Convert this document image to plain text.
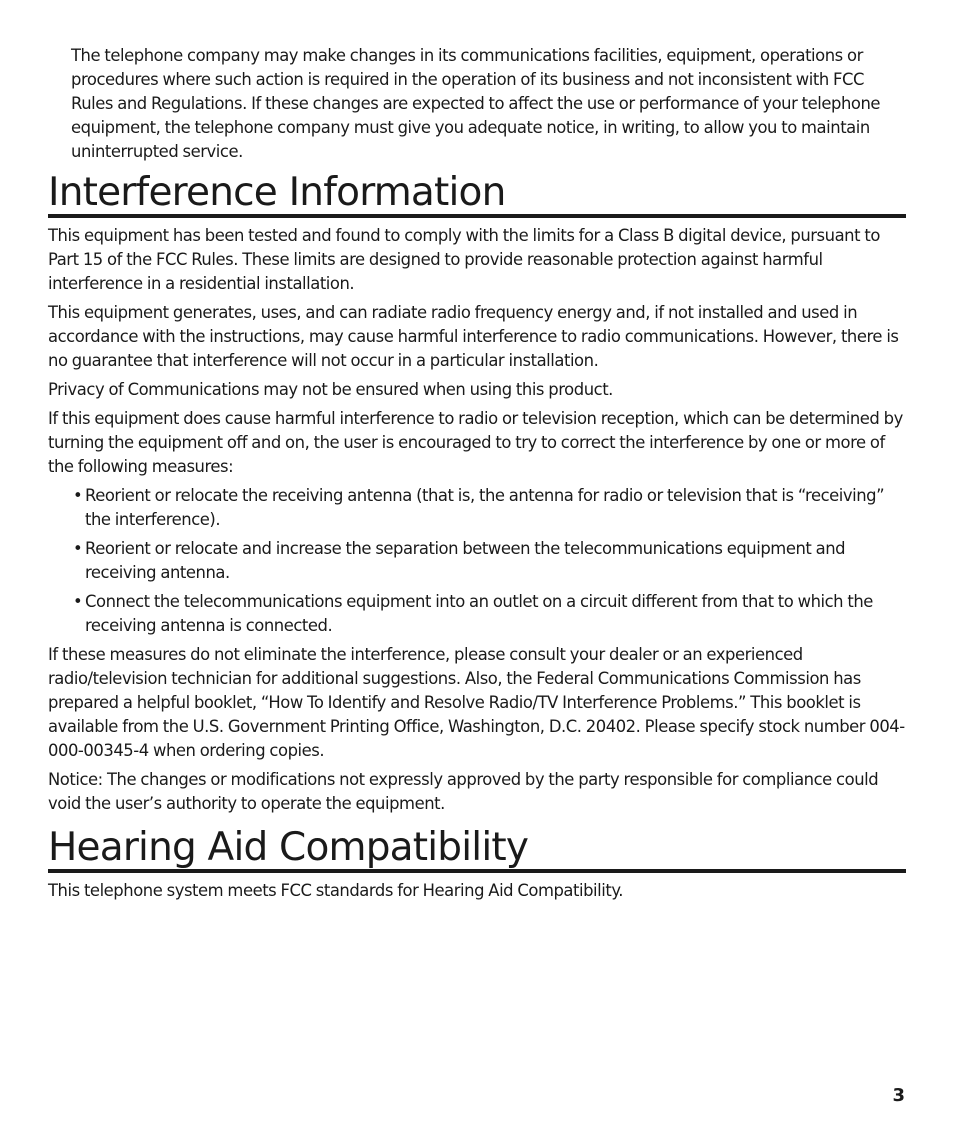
The telephone company may make changes in its communications facilities, equipment, operations or procedures where such action is required in the operation of its business and not inconsistent with FCC Rules and Regulations. If these changes are expected to affect the use or performance of your telephone equipment, the telephone company must give you adequate notice, in writing, to allow you to maintain uninterrupted service.

Interference Information

This equipment has been tested and found to comply with the limits for a Class B digital device, pursuant to Part 15 of the FCC Rules. These limits are designed to provide reasonable protection against harmful interference in a residential installation.

This equipment generates, uses, and can radiate radio frequency energy and, if not installed and used in accordance with the instructions, may cause harmful interference to radio communications. However, there is no guarantee that interference will not occur in a particular installation.

Privacy of Communications may not be ensured when using this product.

If this equipment does cause harmful interference to radio or television reception, which can be determined by turning the equipment off and on, the user is encouraged to try to correct the interference by one or more of the following measures:

• Reorient or relocate the receiving antenna (that is, the antenna for radio or television that is “receiving” the interference).
• Reorient or relocate and increase the separation between the telecommunications equipment and receiving antenna.
• Connect the telecommunications equipment into an outlet on a circuit different from that to which the receiving antenna is connected.

If these measures do not eliminate the interference, please consult your dealer or an experienced radio/television technician for additional suggestions. Also, the Federal Communications Commission has prepared a helpful booklet, “How To Identify and Resolve Radio/TV Interference Problems.” This booklet is available from the U.S. Government Printing Office, Washington, D.C. 20402. Please specify stock number 004-000-00345-4 when ordering copies.

Notice: The changes or modifications not expressly approved by the party responsible for compliance could void the user’s authority to operate the equipment.

Hearing Aid Compatibility

This telephone system meets FCC standards for Hearing Aid Compatibility.

3
